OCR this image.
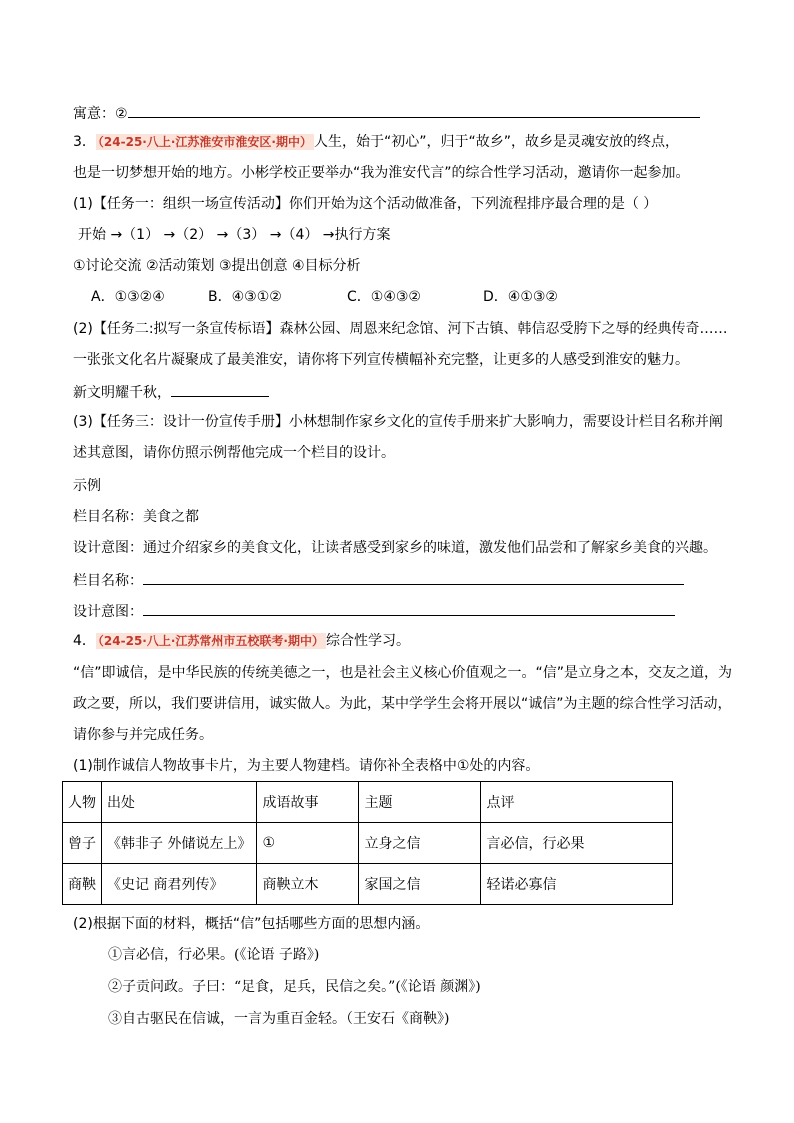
寓意：②
3． （24-25·八上·江苏淮安市淮安区·期中） 人生，始于“初心”，归于“故乡”，故乡是灵魂安放的终点，
也是一切梦想开始的地方。小彬学校正要举办“我为淮安代言”的综合性学习活动，邀请你一起参加。
(1)【任务一：组织一场宣传活动】你们开始为这个活动做准备，下列流程排序最合理的是（ ）
开始 →（1） →（2） →（3） →（4） →执行方案
①讨论交流 ②活动策划 ③提出创意 ④目标分析
A．①③②④	B．④③①②	C．①④③②	D．④①③②
(2)【任务二:拟写一条宣传标语】森林公园、周恩来纪念馆、河下古镇、韩信忍受胯下之辱的经典传奇……
一张张文化名片凝聚成了最美淮安，请你将下列宣传横幅补充完整，让更多的人感受到淮安的魅力。
新文明耀千秋，
(3)【任务三：设计一份宣传手册】小林想制作家乡文化的宣传手册来扩大影响力，需要设计栏目名称并阐
述其意图，请你仿照示例帮他完成一个栏目的设计。
示例
栏目名称：美食之都
设计意图：通过介绍家乡的美食文化，让读者感受到家乡的味道，激发他们品尝和了解家乡美食的兴趣。
栏目名称：
设计意图：
4． （24-25·八上·江苏常州市五校联考·期中） 综合性学习。
“信”即诚信，是中华民族的传统美德之一，也是社会主义核心价值观之一。“信”是立身之本，交友之道，为
政之要，所以，我们要讲信用，诚实做人。为此，某中学学生会将开展以“诚信”为主题的综合性学习活动，
请你参与并完成任务。
(1)制作诚信人物故事卡片，为主要人物建档。请你补全表格中①处的内容。
人物	出处	成语故事	主题	点评
曾子	《韩非子 外储说左上》	①	立身之信	言必信，行必果
商鞅	《史记 商君列传》	商鞅立木	家国之信	轻诺必寡信
(2)根据下面的材料，概括“信”包括哪些方面的思想内涵。
①言必信，行必果。(《论语 子路》)
②子贡问政。子曰：“足食，足兵，民信之矣。”(《论语 颜渊》)
③自古驱民在信诚，一言为重百金轻。（王安石《商鞅》)
